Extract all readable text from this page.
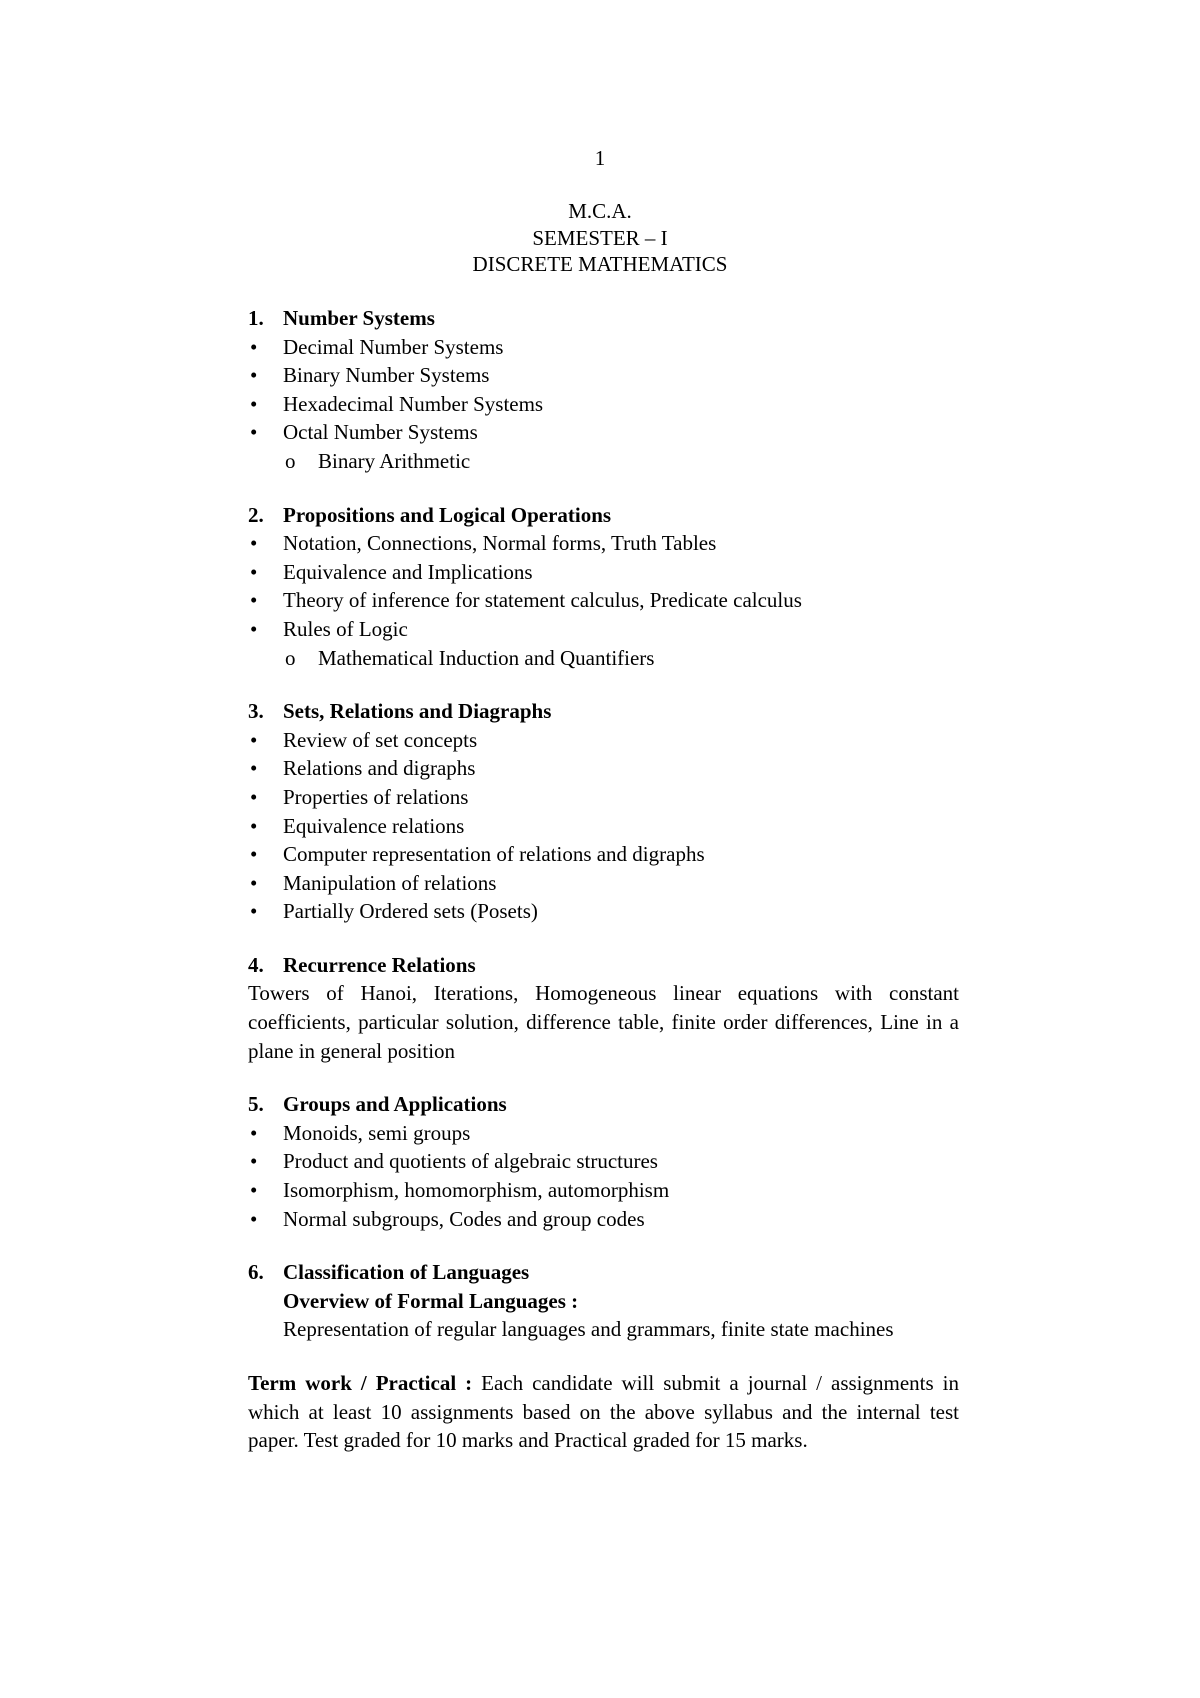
1
M.C.A.
SEMESTER – I
DISCRETE MATHEMATICS
1. Number Systems
• Decimal Number Systems
• Binary Number Systems
• Hexadecimal Number Systems
• Octal Number Systems
o Binary Arithmetic
2. Propositions and Logical Operations
• Notation, Connections, Normal forms, Truth Tables
• Equivalence and Implications
• Theory of inference for statement calculus, Predicate calculus
• Rules of Logic
o Mathematical Induction and Quantifiers
3. Sets, Relations and Diagraphs
• Review of set concepts
• Relations and digraphs
• Properties of relations
• Equivalence relations
• Computer representation of relations and digraphs
• Manipulation of relations
• Partially Ordered sets (Posets)
4. Recurrence Relations
Towers of Hanoi, Iterations, Homogeneous linear equations with constant coefficients, particular solution, difference table, finite order differences, Line in a plane in general position
5. Groups and Applications
• Monoids, semi groups
• Product and quotients of algebraic structures
• Isomorphism, homomorphism, automorphism
• Normal subgroups, Codes and group codes
6. Classification of Languages
Overview of Formal Languages :
Representation of regular languages and grammars, finite state machines
Term work / Practical : Each candidate will submit a journal / assignments in which at least 10 assignments based on the above syllabus and the internal test paper. Test graded for 10 marks and Practical graded for 15 marks.
